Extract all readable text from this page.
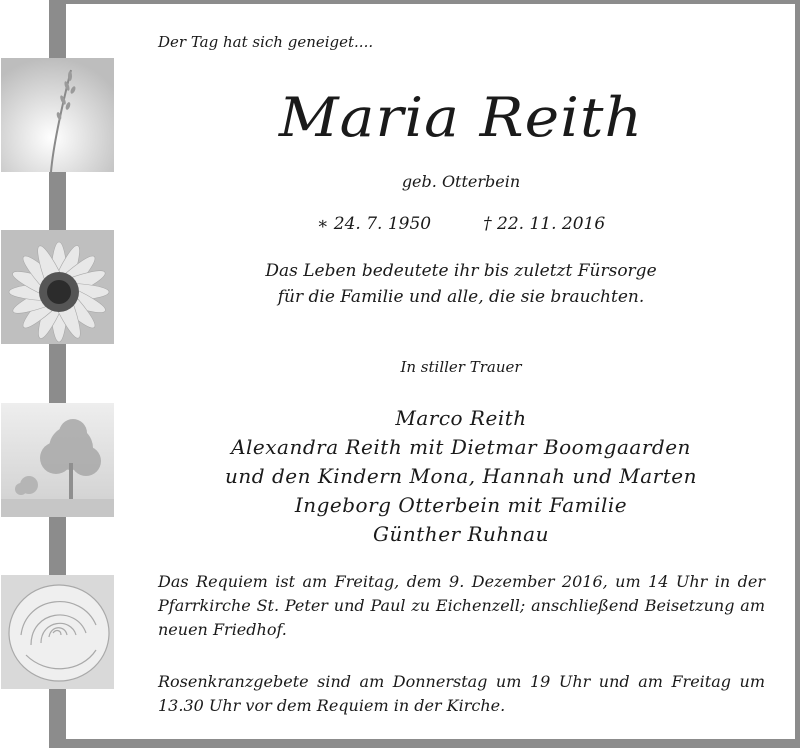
Der Tag hat sich geneiget....
Maria Reith
geb. Otterbein
∗ 24. 7. 1950	† 22. 11. 2016
Das Leben bedeutete ihr bis zuletzt Fürsorge
für die Familie und alle, die sie brauchten.
In stiller Trauer
Marco Reith
Alexandra Reith mit Dietmar Boomgaarden
und den Kindern Mona, Hannah und Marten
Ingeborg Otterbein mit Familie
Günther Ruhnau
Das Requiem ist am Freitag, dem 9. Dezember 2016, um 14 Uhr in der Pfarrkirche St. Peter und Paul zu Eichenzell; anschließend Beisetzung am neuen Friedhof.
Rosenkranzgebete sind am Donnerstag um 19 Uhr und am Freitag um 13.30 Uhr vor dem Requiem in der Kirche.
